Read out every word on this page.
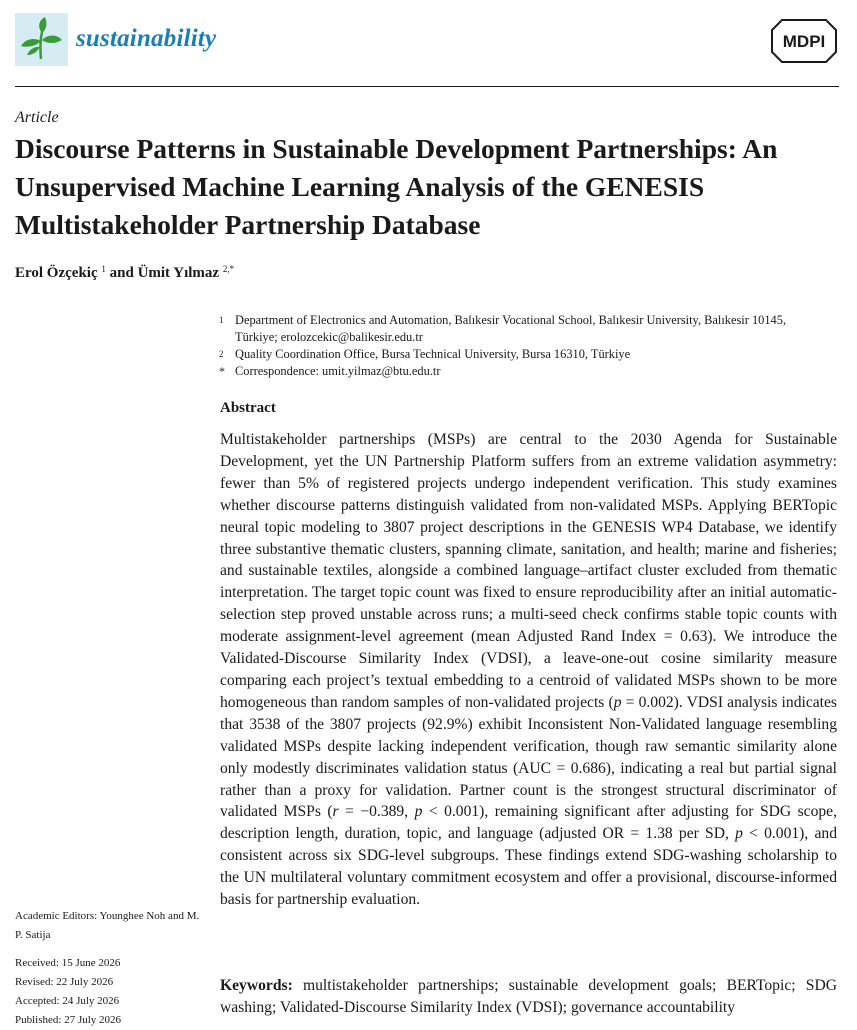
sustainability	MDPI
Article
Discourse Patterns in Sustainable Development Partnerships: An Unsupervised Machine Learning Analysis of the GENESIS Multistakeholder Partnership Database
Erol Özçekiç $^1$ and Ümit Yılmaz $^{2,*}$
1 Department of Electronics and Automation, Balıkesir Vocational School, Balıkesir University, Balıkesir 10145, Türkiye; erolozcekic@balikesir.edu.tr
2 Quality Coordination Office, Bursa Technical University, Bursa 16310, Türkiye
* Correspondence: umit.yilmaz@btu.edu.tr
Abstract

Multistakeholder partnerships (MSPs) are central to the 2030 Agenda for Sustainable Development, yet the UN Partnership Platform suffers from an extreme validation asymmetry: fewer than 5% of registered projects undergo independent verification. This study examines whether discourse patterns distinguish validated from non-validated MSPs. Applying BERTopic neural topic modeling to 3807 project descriptions in the GENESIS WP4 Database, we identify three substantive thematic clusters, spanning climate, sanitation, and health; marine and fisheries; and sustainable textiles, alongside a combined language–artifact cluster excluded from thematic interpretation. The target topic count was fixed to ensure reproducibility after an initial automatic-selection step proved unstable across runs; a multi-seed check confirms stable topic counts with moderate assignment-level agreement (mean Adjusted Rand Index = 0.63). We introduce the Validated-Discourse Similarity Index (VDSI), a leave-one-out cosine similarity measure comparing each project’s textual embedding to a centroid of validated MSPs shown to be more homogeneous than random samples of non-validated projects (p = 0.002). VDSI analysis indicates that 3538 of the 3807 projects (92.9%) exhibit Inconsistent Non-Validated language resembling validated MSPs despite lacking independent verification, though raw semantic similarity alone only modestly discriminates validation status (AUC = 0.686), indicating a real but partial signal rather than a proxy for validation. Partner count is the strongest structural discriminator of validated MSPs (r = −0.389, p < 0.001), remaining significant after adjusting for SDG scope, description length, duration, topic, and language (adjusted OR = 1.38 per SD, p < 0.001), and consistent across six SDG-level subgroups. These findings extend SDG-washing scholarship to the UN multilateral voluntary commitment ecosystem and offer a provisional, discourse-informed basis for partnership evaluation.

Keywords: multistakeholder partnerships; sustainable development goals; BERTopic; SDG washing; Validated-Discourse Similarity Index (VDSI); governance accountability

Academic Editors: Younghee Noh and M. P. Satija
Received: 15 June 2026
Revised: 22 July 2026
Accepted: 24 July 2026
Published: 27 July 2026
